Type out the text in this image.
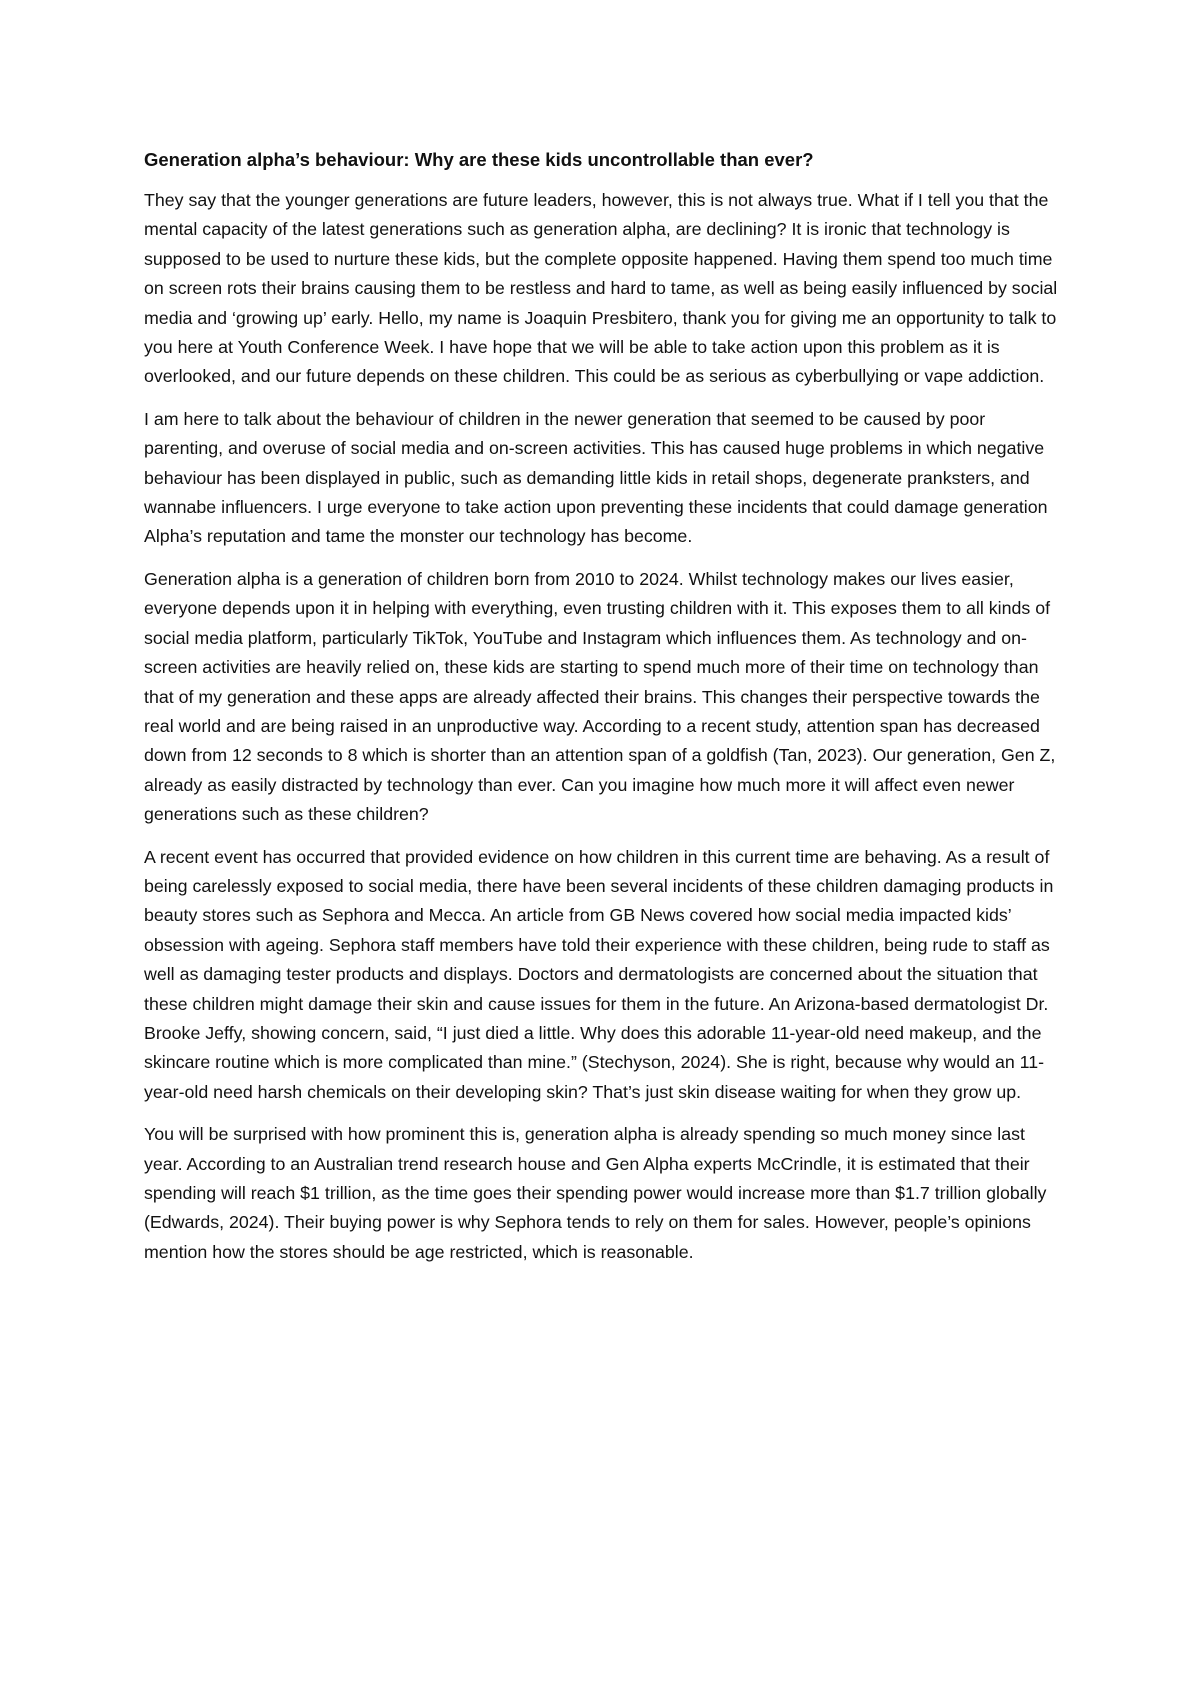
Generation alpha’s behaviour: Why are these kids uncontrollable than ever?

They say that the younger generations are future leaders, however, this is not always true. What if I tell you that the mental capacity of the latest generations such as generation alpha, are declining? It is ironic that technology is supposed to be used to nurture these kids, but the complete opposite happened. Having them spend too much time on screen rots their brains causing them to be restless and hard to tame, as well as being easily influenced by social media and ‘growing up’ early. Hello, my name is Joaquin Presbitero, thank you for giving me an opportunity to talk to you here at Youth Conference Week. I have hope that we will be able to take action upon this problem as it is overlooked, and our future depends on these children. This could be as serious as cyberbullying or vape addiction.

I am here to talk about the behaviour of children in the newer generation that seemed to be caused by poor parenting, and overuse of social media and on-screen activities. This has caused huge problems in which negative behaviour has been displayed in public, such as demanding little kids in retail shops, degenerate pranksters, and wannabe influencers. I urge everyone to take action upon preventing these incidents that could damage generation Alpha’s reputation and tame the monster our technology has become.

Generation alpha is a generation of children born from 2010 to 2024. Whilst technology makes our lives easier, everyone depends upon it in helping with everything, even trusting children with it. This exposes them to all kinds of social media platform, particularly TikTok, YouTube and Instagram which influences them. As technology and on-screen activities are heavily relied on, these kids are starting to spend much more of their time on technology than that of my generation and these apps are already affected their brains. This changes their perspective towards the real world and are being raised in an unproductive way. According to a recent study, attention span has decreased down from 12 seconds to 8 which is shorter than an attention span of a goldfish (Tan, 2023). Our generation, Gen Z, already as easily distracted by technology than ever. Can you imagine how much more it will affect even newer generations such as these children?

A recent event has occurred that provided evidence on how children in this current time are behaving. As a result of being carelessly exposed to social media, there have been several incidents of these children damaging products in beauty stores such as Sephora and Mecca. An article from GB News covered how social media impacted kids’ obsession with ageing. Sephora staff members have told their experience with these children, being rude to staff as well as damaging tester products and displays. Doctors and dermatologists are concerned about the situation that these children might damage their skin and cause issues for them in the future. An Arizona-based dermatologist Dr. Brooke Jeffy, showing concern, said, “I just died a little. Why does this adorable 11-year-old need makeup, and the skincare routine which is more complicated than mine.” (Stechyson, 2024). She is right, because why would an 11-year-old need harsh chemicals on their developing skin? That’s just skin disease waiting for when they grow up.

You will be surprised with how prominent this is, generation alpha is already spending so much money since last year. According to an Australian trend research house and Gen Alpha experts McCrindle, it is estimated that their spending will reach $1 trillion, as the time goes their spending power would increase more than $1.7 trillion globally (Edwards, 2024). Their buying power is why Sephora tends to rely on them for sales. However, people’s opinions mention how the stores should be age restricted, which is reasonable.
